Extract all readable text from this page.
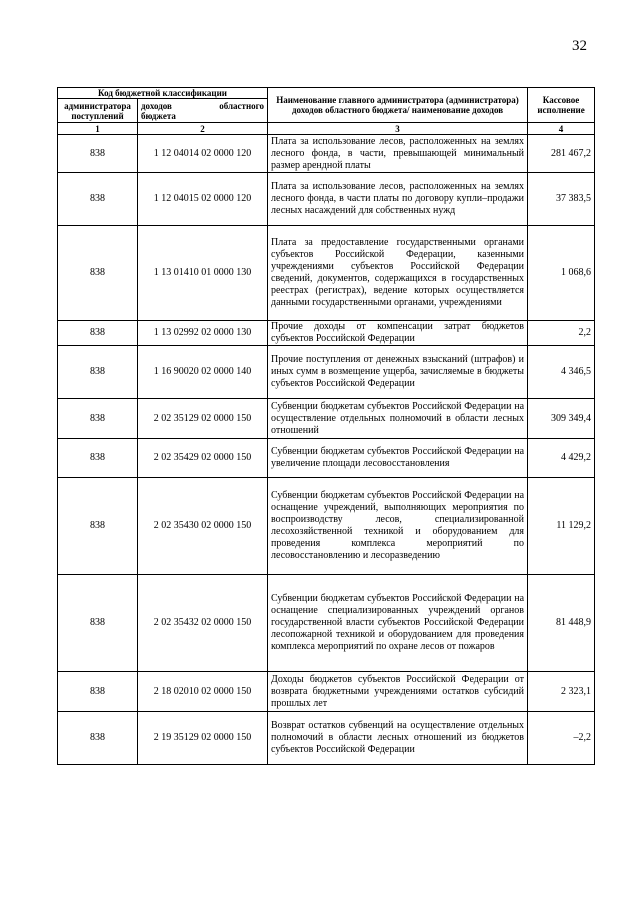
32
Код бюджетной классификации		Наименование главного администратора (администратора) доходов областного бюджета/ наименование доходов	Кассовое исполнение
администратора поступлений	доходов областного
бюджета		

1	2	3	4
838	1 12 04014 02 0000 120	Плата за использование лесов, расположенных на землях лесного фонда, в части, превышающей минимальный размер арендной платы	281 467,2
838	1 12 04015 02 0000 120	Плата за использование лесов, расположенных на землях лесного фонда, в части платы по договору купли–продажи лесных насаждений для собственных нужд	37 383,5
838	1 13 01410 01 0000 130	Плата за предоставление государственными органами субъектов Российской Федерации, казенными учреждениями субъектов Российской Федерации сведений, документов, содержащихся в государственных реестрах (регистрах), ведение которых осуществляется данными государственными органами, учреждениями	1 068,6
838	1 13 02992 02 0000 130	Прочие доходы от компенсации затрат бюджетов субъектов Российской Федерации	2,2
838	1 16 90020 02 0000 140	Прочие поступления от денежных взысканий (штрафов) и иных сумм в возмещение ущерба, зачисляемые в бюджеты субъектов Российской Федерации	4 346,5
838	2 02 35129 02 0000 150	Субвенции бюджетам субъектов Российской Федерации на осуществление отдельных полномочий в области лесных отношений	309 349,4
838	2 02 35429 02 0000 150	Субвенции бюджетам субъектов Российской Федерации на увеличение площади лесовосстановления	4 429,2
838	2 02 35430 02 0000 150	Субвенции бюджетам субъектов Российской Федерации на оснащение учреждений, выполняющих мероприятия по воспроизводству лесов, специализированной лесохозяйственной техникой и оборудованием для проведения комплекса мероприятий по лесовосстановлению и лесоразведению	11 129,2
838	2 02 35432 02 0000 150	Субвенции бюджетам субъектов Российской Федерации на оснащение специализированных учреждений органов государственной власти субъектов Российской Федерации лесопожарной техникой и оборудованием для проведения комплекса мероприятий по охране лесов от пожаров	81 448,9
838	2 18 02010 02 0000 150	Доходы бюджетов субъектов Российской Федерации от возврата бюджетными учреждениями остатков субсидий прошлых лет	2 323,1
838	2 19 35129 02 0000 150	Возврат остатков субвенций на осуществление отдельных полномочий в области лесных отношений из бюджетов субъектов Российской Федерации	–2,2
